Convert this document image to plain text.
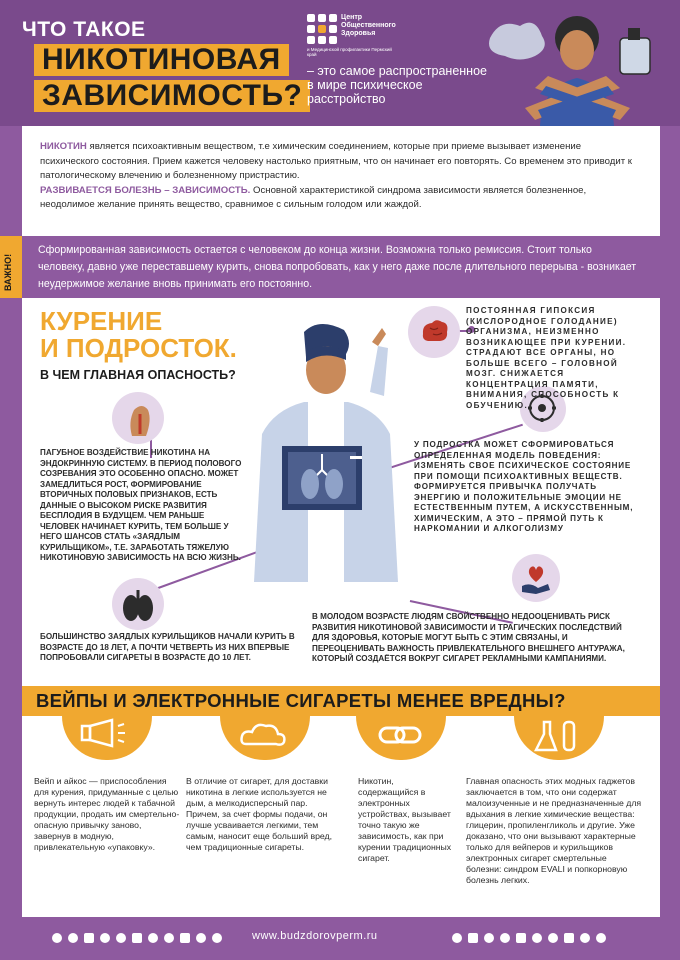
ЧТО ТАКОЕ
НИКОТИНОВАЯ
ЗАВИСИМОСТЬ?
Центр Общественного Здоровья
и Медицинской профилактики Пермский край
– это самое распространенное в мире психическое расстройство
НИКОТИН является психоактивным веществом, т.е химическим соединением, которые при приеме вызывает изменение психического состояния. Прием кажется человеку настолько приятным, что он начинает его повторять. Со временем это приводит к патологическому влечению и болезненному пристрастию.
РАЗВИВАЕТСЯ БОЛЕЗНЬ – ЗАВИСИМОСТЬ. Основной характеристикой синдрома зависимости является болезненное, неодолимое желание принять вещество, сравнимое с сильным голодом или жаждой.
ВАЖНО!
Сформированная зависимость остается с человеком до конца жизни. Возможна только ремиссия. Стоит только человеку, давно уже переставшему курить, снова попробовать, как у него даже после длительного перерыва - возникает неудержимое желание вновь принимать его постоянно.
КУРЕНИЕ
И ПОДРОСТОК.
В ЧЕМ ГЛАВНАЯ ОПАСНОСТЬ?
ПОСТОЯННАЯ ГИПОКСИЯ (КИСЛОРОДНОЕ ГОЛОДАНИЕ) ОРГАНИЗМА, НЕИЗМЕННО ВОЗНИКАЮЩЕЕ ПРИ КУРЕНИИ. СТРАДАЮТ ВСЕ ОРГАНЫ, НО БОЛЬШЕ ВСЕГО – ГОЛОВНОЙ МОЗГ. СНИЖАЕТСЯ КОНЦЕНТРАЦИЯ ПАМЯТИ, ВНИМАНИЯ, СПОСОБНОСТЬ К ОБУЧЕНИЮ.
ПАГУБНОЕ ВОЗДЕЙСТВИЕ НИКОТИНА НА ЭНДОКРИННУЮ СИСТЕМУ. В ПЕРИОД ПОЛОВОГО СОЗРЕВАНИЯ ЭТО ОСОБЕННО ОПАСНО. МОЖЕТ ЗАМЕДЛИТЬСЯ РОСТ, ФОРМИРОВАНИЕ ВТОРИЧНЫХ ПОЛОВЫХ ПРИЗНАКОВ, ЕСТЬ ДАННЫЕ О ВЫСОКОМ РИСКЕ РАЗВИТИЯ БЕСПЛОДИЯ В БУДУЩЕМ. ЧЕМ РАНЬШЕ ЧЕЛОВЕК НАЧИНАЕТ КУРИТЬ, ТЕМ БОЛЬШЕ У НЕГО ШАНСОВ СТАТЬ «ЗАЯДЛЫМ КУРИЛЬЩИКОМ», Т.Е. ЗАРАБОТАТЬ ТЯЖЕЛУЮ НИКОТИНОВУЮ ЗАВИСИМОСТЬ НА ВСЮ ЖИЗНЬ.
У ПОДРОСТКА МОЖЕТ СФОРМИРОВАТЬСЯ ОПРЕДЕЛЕННАЯ МОДЕЛЬ ПОВЕДЕНИЯ: ИЗМЕНЯТЬ СВОЕ ПСИХИЧЕСКОЕ СОСТОЯНИЕ ПРИ ПОМОЩИ ПСИХОАКТИВНЫХ ВЕЩЕСТВ. ФОРМИРУЕТСЯ ПРИВЫЧКА ПОЛУЧАТЬ ЭНЕРГИЮ И ПОЛОЖИТЕЛЬНЫЕ ЭМОЦИИ НЕ ЕСТЕСТВЕННЫМ ПУТЕМ, А ИСКУССТВЕННЫМ, ХИМИЧЕСКИМ, А ЭТО – ПРЯМОЙ ПУТЬ К НАРКОМАНИИ И АЛКОГОЛИЗМУ
БОЛЬШИНСТВО ЗАЯДЛЫХ КУРИЛЬЩИКОВ НАЧАЛИ КУРИТЬ В ВОЗРАСТЕ ДО 18 ЛЕТ, А ПОЧТИ ЧЕТВЕРТЬ ИЗ НИХ ВПЕРВЫЕ ПОПРОБОВАЛИ СИГАРЕТЫ В ВОЗРАСТЕ ДО 10 ЛЕТ.
В МОЛОДОМ ВОЗРАСТЕ ЛЮДЯМ СВОЙСТВЕННО НЕДООЦЕНИВАТЬ РИСК РАЗВИТИЯ НИКОТИНОВОЙ ЗАВИСИМОСТИ И ТРАГИЧЕСКИХ ПОСЛЕДСТВИЙ ДЛЯ ЗДОРОВЬЯ, КОТОРЫЕ МОГУТ БЫТЬ С ЭТИМ СВЯЗАНЫ, И ПЕРЕОЦЕНИВАТЬ ВАЖНОСТЬ ПРИВЛЕКАТЕЛЬНОГО ВНЕШНЕГО АНТУРАЖА, КОТОРЫЙ СОЗДАЁТСЯ ВОКРУГ СИГАРЕТ РЕКЛАМНЫМИ КАМПАНИЯМИ.
ВЕЙПЫ И ЭЛЕКТРОННЫЕ СИГАРЕТЫ МЕНЕЕ ВРЕДНЫ?
Вейп и айкос — приспособления для курения, придуманные с целью вернуть интерес людей к табачной продукции, продать им смертельно-опасную привычку заново, завернув в модную, привлекательную «упаковку».
В отличие от сигарет, для доставки никотина в легкие используется не дым, а мелкодисперсный пар. Причем, за счет формы подачи, он лучше усваивается легкими, тем самым, наносит еще больший вред, чем традиционные сигареты.
Никотин, содержащийся в электронных устройствах, вызывает точно такую же зависимость, как при курении традиционных сигарет.
Главная опасность этих модных гаджетов заключается в том, что они содержат малоизученные и не предназначенные для вдыхания в легкие химические вещества: глицерин, пропиленгликоль и другие. Уже доказано, что они вызывают характерные только для вейперов и курильщиков электронных сигарет смертельные болезни: синдром EVALI и попкорновую болезнь легких.
www.budzdorovperm.ru
